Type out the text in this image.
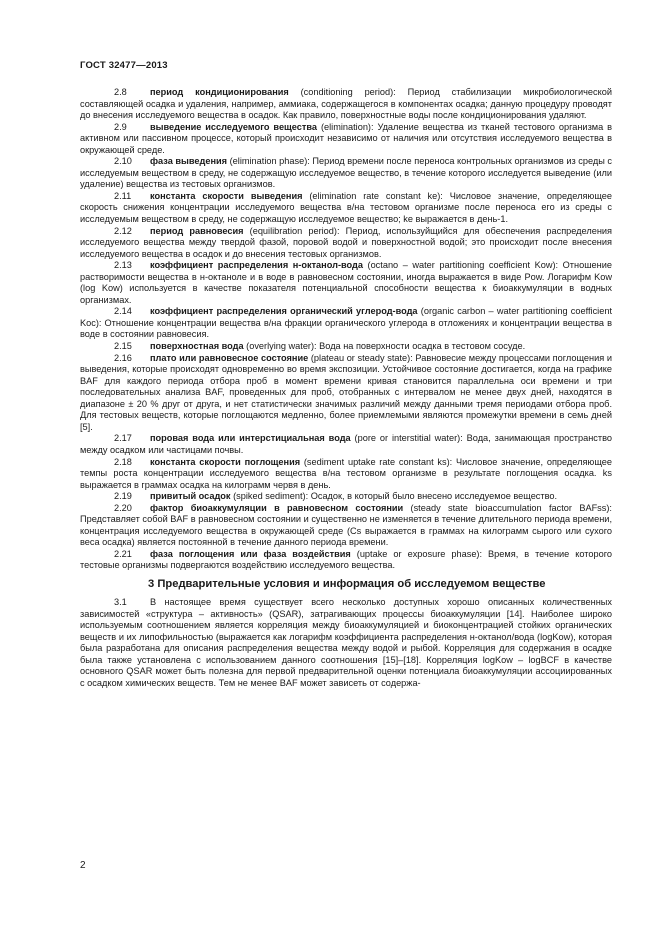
ГОСТ 32477—2013

2.8	период кондиционирования (conditioning period): Период стабилизации микробиологической составляющей осадка и удаления, например, аммиака, содержащегося в компонентах осадка; данную процедуру проводят до внесения исследуемого вещества в осадок. Как правило, поверхностные воды после кондиционирования удаляют.

2.9	выведение исследуемого вещества (elimination): Удаление вещества из тканей тестового организма в активном или пассивном процессе, который происходит независимо от наличия или отсутствия исследуемого вещества в окружающей среде.

2.10 фаза выведения (elimination phase): Период времени после переноса контрольных организмов из среды с исследуемым веществом в среду, не содержащую исследуемое вещество, в течение которого исследуется выведение (или удаление) вещества из тестовых организмов.

2.11 константа скорости выведения (elimination rate constant ke): Числовое значение, определяющее скорость снижения концентрации исследуемого вещества в/на тестовом организме после переноса его из среды с исследуемым веществом в среду, не содержащую исследуемое вещество; ke выражается в день-1.

2.12 период равновесия (equilibration period): Период, используйщийся для обеспечения распределения исследуемого вещества между твердой фазой, поровой водой и поверхностной водой; это происходит после внесения исследуемого вещества в осадок и до внесения тестовых организмов.

2.13 коэффициент распределения н-октанол-вода (octano – water partitioning coefficient Kow): Отношение растворимости вещества в н-октаноле и в воде в равновесном состоянии, иногда выражается в виде Pow. Логарифм Kow (log Kow) используется в качестве показателя потенциальной способности вещества к биоаккумуляции в водных организмах.

2.14 коэффициент распределения органический углерод-вода (organic carbon – water partitioning coefficient Koc): Отношение концентрации вещества в/на фракции органического углерода в отложениях и концентрации вещества в воде в состоянии равновесия.

2.15 поверхностная вода (overlying water): Вода на поверхности осадка в тестовом сосуде.

2.16 плато или равновесное состояние (plateau or steady state): Равновесие между процессами поглощения и выведения, которые происходят одновременно во время экспозиции. Устойчивое состояние достигается, когда на графике BAF для каждого периода отбора проб в момент времени кривая становится параллельна оси времени и три последовательных анализа BAF, проведенных для проб, отобранных с интервалом не менее двух дней, находятся в диапазоне ± 20 % друг от друга, и нет статистически значимых различий между данными тремя периодами отбора проб. Для тестовых веществ, которые поглощаются медленно, более приемлемыми являются промежутки времени в семь дней [5].

2.17 поровая вода или интерстициальная вода (pore or interstitial water): Вода, занимающая пространство между осадком или частицами почвы.

2.18 константа скорости поглощения (sediment uptake rate constant ks): Числовое значение, определяющее темпы роста концентрации исследуемого вещества в/на тестовом организме в результате поглощения осадка. ks выражается в граммах осадка на килограмм червя в день.

2.19 привитый осадок (spiked sediment): Осадок, в который было внесено исследуемое вещество.

2.20 фактор биоаккумуляции в равновесном состоянии (steady state bioaccumulation factor BAFss): Представляет собой BAF в равновесном состоянии и существенно не изменяется в течение длительного периода времени, концентрация исследуемого вещества в окружающей среде (Cs выражается в граммах на килограмм сырого или сухого веса осадка) является постоянной в течение данного периода времени.

2.21 фаза поглощения или фаза воздействия (uptake or exposure phase): Время, в течение которого тестовые организмы подвергаются воздействию исследуемого вещества.

3 Предварительные условия и информация об исследуемом веществе

3.1	В настоящее время существует всего несколько доступных хорошо описанных количественных зависимостей «структура – активность» (QSAR), затрагивающих процессы биоаккумуляции [14]. Наиболее широко используемым соотношением является корреляция между биоаккумуляцией и биоконцентрацией стойких органических веществ и их липофильностью (выражается как логарифм коэффициента распределения н-октанол/вода (logKow), которая была разработана для описания распределения вещества между водой и рыбой. Корреляция для содержания в осадке была также установлена с использованием данного соотношения [15]–[18]. Корреляция logKow – logBCF в качестве основного QSAR может быть полезна для первой предварительной оценки потенциала биоаккумуляции ассоциированных с осадком химических веществ. Тем не менее BAF может зависеть от содержа-

2
